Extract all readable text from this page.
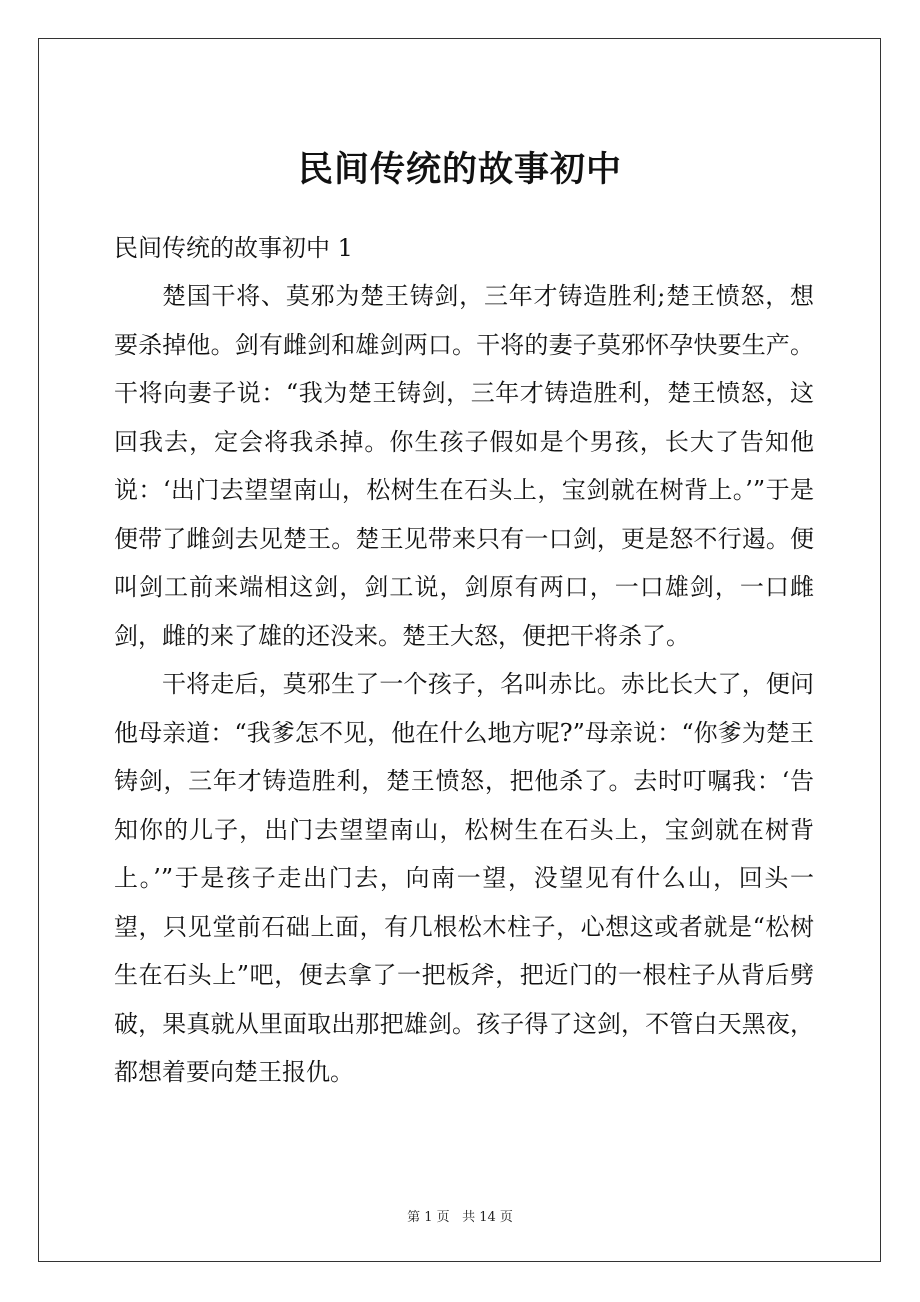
民间传统的故事初中

民间传统的故事初中 1

楚国干将、莫邪为楚王铸剑，三年才铸造胜利;楚王愤怒，想要杀掉他。剑有雌剑和雄剑两口。干将的妻子莫邪怀孕快要生产。干将向妻子说：“我为楚王铸剑，三年才铸造胜利，楚王愤怒，这回我去，定会将我杀掉。你生孩子假如是个男孩，长大了告知他说：‘出门去望望南山，松树生在石头上，宝剑就在树背上。’”于是便带了雌剑去见楚王。楚王见带来只有一口剑，更是怒不行遏。便叫剑工前来端相这剑，剑工说，剑原有两口，一口雄剑，一口雌剑，雌的来了雄的还没来。楚王大怒，便把干将杀了。

干将走后，莫邪生了一个孩子，名叫赤比。赤比长大了，便问他母亲道：“我爹怎不见，他在什么地方呢?”母亲说：“你爹为楚王铸剑，三年才铸造胜利，楚王愤怒，把他杀了。去时叮嘱我：‘告知你的儿子，出门去望望南山，松树生在石头上，宝剑就在树背上。’”于是孩子走出门去，向南一望，没望见有什么山，回头一望，只见堂前石础上面，有几根松木柱子，心想这或者就是“松树生在石头上”吧，便去拿了一把板斧，把近门的一根柱子从背后劈破，果真就从里面取出那把雄剑。孩子得了这剑，不管白天黑夜，都想着要向楚王报仇。

第 1 页 共 14 页
